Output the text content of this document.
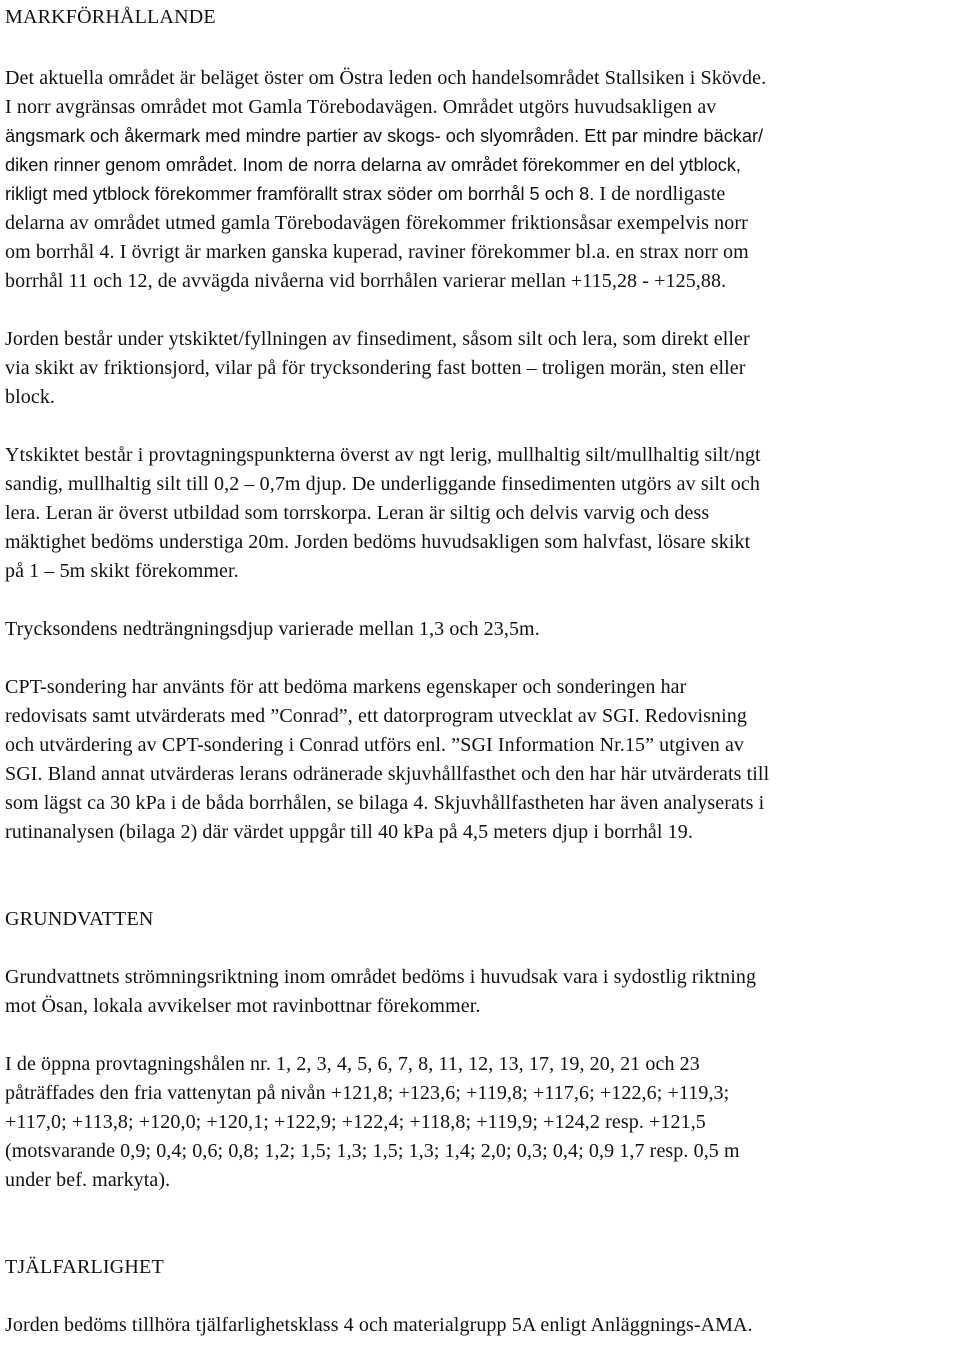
MARKFÖRHÅLLANDE

Det aktuella området är beläget öster om Östra leden och handelsområdet Stallsiken i Skövde.
I norr avgränsas området mot Gamla Törebodavägen. Området utgörs huvudsakligen av
ängsmark och åkermark med mindre partier av skogs- och slyområden. Ett par mindre bäckar/
diken rinner genom området. Inom de norra delarna av området förekommer en del ytblock,
rikligt med ytblock förekommer framförallt strax söder om borrhål 5 och 8. I de nordligaste
delarna av området utmed gamla Törebodavägen förekommer friktionsåsar exempelvis norr
om borrhål 4. I övrigt är marken ganska kuperad, raviner förekommer bl.a. en strax norr om
borrhål 11 och 12, de avvägda nivåerna vid borrhålen varierar mellan +115,28 - +125,88.

Jorden består under ytskiktet/fyllningen av finsediment, såsom silt och lera, som direkt eller
via skikt av friktionsjord, vilar på för trycksondering fast botten – troligen morän, sten eller
block.

Ytskiktet består i provtagningspunkterna överst av ngt lerig, mullhaltig silt/mullhaltig silt/ngt
sandig, mullhaltig silt till 0,2 – 0,7m djup. De underliggande finsedimenten utgörs av silt och
lera. Leran är överst utbildad som torrskorpa. Leran är siltig och delvis varvig och dess
mäktighet bedöms understiga 20m. Jorden bedöms huvudsakligen som halvfast, lösare skikt
på 1 – 5m skikt förekommer.

Trycksondens nedträngningsdjup varierade mellan 1,3 och 23,5m.

CPT-sondering har använts för att bedöma markens egenskaper och sonderingen har
redovisats samt utvärderats med ”Conrad”, ett datorprogram utvecklat av SGI. Redovisning
och utvärdering av CPT-sondering i Conrad utförs enl. ”SGI Information Nr.15” utgiven av
SGI. Bland annat utvärderas lerans odränerade skjuvhållfasthet och den har här utvärderats till
som lägst ca 30 kPa i de båda borrhålen, se bilaga 4. Skjuvhållfastheten har även analyserats i
rutinanalysen (bilaga 2) där värdet uppgår till 40 kPa på 4,5 meters djup i borrhål 19.

GRUNDVATTEN

Grundvattnets strömningsriktning inom området bedöms i huvudsak vara i sydostlig riktning
mot Ösan, lokala avvikelser mot ravinbottnar förekommer.

I de öppna provtagningshålen nr. 1, 2, 3, 4, 5, 6, 7, 8, 11, 12, 13, 17, 19, 20, 21 och 23
påträffades den fria vattenytan på nivån +121,8; +123,6; +119,8; +117,6; +122,6; +119,3;
+117,0; +113,8; +120,0; +120,1; +122,9; +122,4; +118,8; +119,9; +124,2 resp. +121,5
(motsvarande 0,9; 0,4; 0,6; 0,8; 1,2; 1,5; 1,3; 1,5; 1,3; 1,4; 2,0; 0,3; 0,4; 0,9 1,7 resp. 0,5 m
under bef. markyta).

TJÄLFARLIGHET

Jorden bedöms tillhöra tjälfarlighetsklass 4 och materialgrupp 5A enligt Anläggnings-AMA.
